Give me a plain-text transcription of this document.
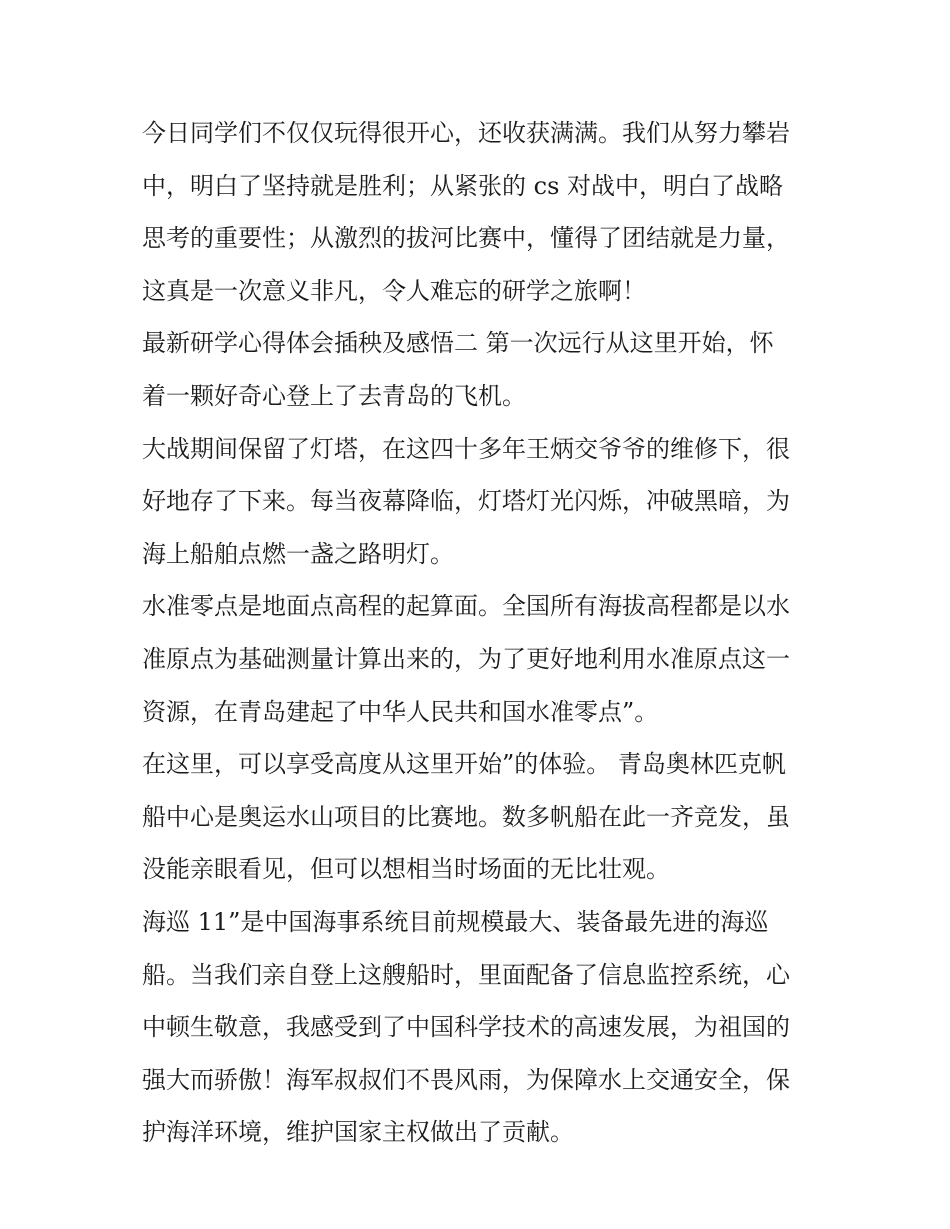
今日同学们不仅仅玩得很开心，还收获满满。我们从努力攀岩
中，明白了坚持就是胜利；从紧张的 cs 对战中，明白了战略
思考的重要性；从激烈的拔河比赛中，懂得了团结就是力量，
这真是一次意义非凡，令人难忘的研学之旅啊！
最新研学心得体会插秧及感悟二 第一次远行从这里开始，怀
着一颗好奇心登上了去青岛的飞机。
大战期间保留了灯塔，在这四十多年王炳交爷爷的维修下，很
好地存了下来。每当夜幕降临，灯塔灯光闪烁，冲破黑暗，为
海上船舶点燃一盏之路明灯。
水准零点是地面点高程的起算面。全国所有海拔高程都是以水
准原点为基础测量计算出来的，为了更好地利用水准原点这一
资源，在青岛建起了中华人民共和国水准零点”。
在这里，可以享受高度从这里开始”的体验。 青岛奥林匹克帆
船中心是奥运水山项目的比赛地。数多帆船在此一齐竞发，虽
没能亲眼看见，但可以想相当时场面的无比壮观。
海巡 11”是中国海事系统目前规模最大、装备最先进的海巡
船。当我们亲自登上这艘船时，里面配备了信息监控系统，心
中顿生敬意，我感受到了中国科学技术的高速发展，为祖国的
强大而骄傲！海军叔叔们不畏风雨，为保障水上交通安全，保
护海洋环境，维护国家主权做出了贡献。
